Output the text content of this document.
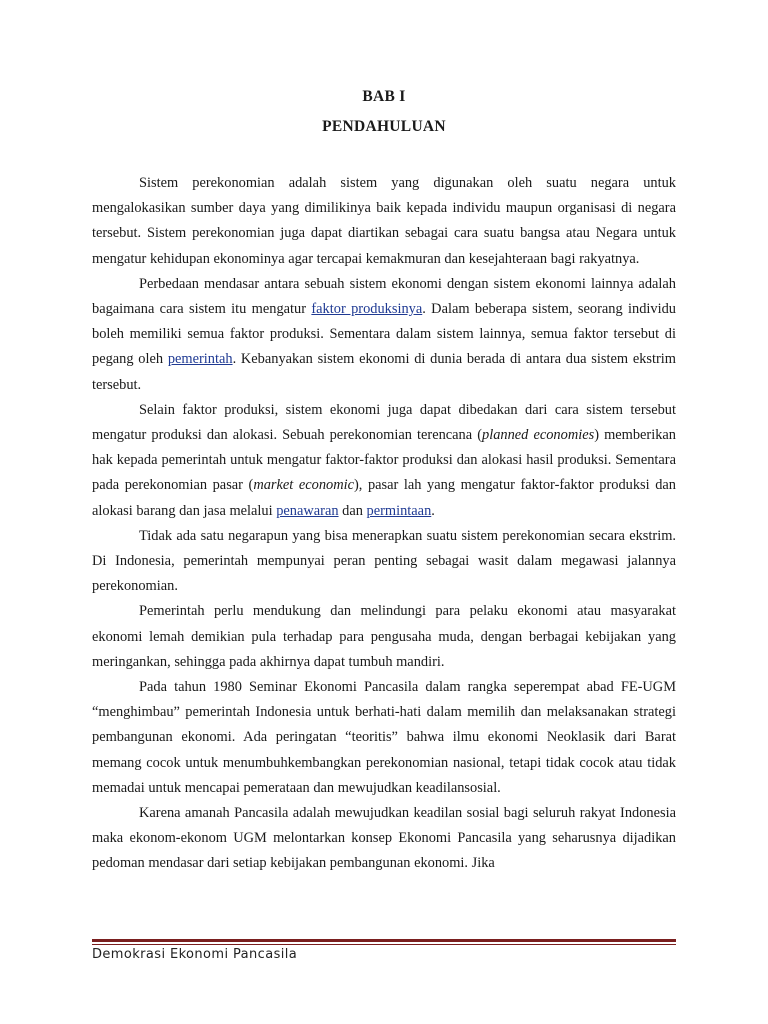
BAB I
PENDAHULUAN

Sistem perekonomian adalah sistem yang digunakan oleh suatu negara untuk mengalokasikan sumber daya yang dimilikinya baik kepada individu maupun organisasi di negara tersebut. Sistem perekonomian juga dapat diartikan sebagai cara suatu bangsa atau Negara untuk mengatur kehidupan ekonominya agar tercapai kemakmuran dan kesejahteraan bagi rakyatnya.

Perbedaan mendasar antara sebuah sistem ekonomi dengan sistem ekonomi lainnya adalah bagaimana cara sistem itu mengatur faktor produksinya. Dalam beberapa sistem, seorang individu boleh memiliki semua faktor produksi. Sementara dalam sistem lainnya, semua faktor tersebut di pegang oleh pemerintah. Kebanyakan sistem ekonomi di dunia berada di antara dua sistem ekstrim tersebut.

Selain faktor produksi, sistem ekonomi juga dapat dibedakan dari cara sistem tersebut mengatur produksi dan alokasi. Sebuah perekonomian terencana (planned economies) memberikan hak kepada pemerintah untuk mengatur faktor-faktor produksi dan alokasi hasil produksi. Sementara pada perekonomian pasar (market economic), pasar lah yang mengatur faktor-faktor produksi dan alokasi barang dan jasa melalui penawaran dan permintaan.

Tidak ada satu negarapun yang bisa menerapkan suatu sistem perekonomian secara ekstrim. Di Indonesia, pemerintah mempunyai peran penting sebagai wasit dalam megawasi jalannya perekonomian.

Pemerintah perlu mendukung dan melindungi para pelaku ekonomi atau masyarakat ekonomi lemah demikian pula terhadap para pengusaha muda, dengan berbagai kebijakan yang meringankan, sehingga pada akhirnya dapat tumbuh mandiri.

Pada tahun 1980 Seminar Ekonomi Pancasila dalam rangka seperempat abad FE-UGM “menghimbau” pemerintah Indonesia untuk berhati-hati dalam memilih dan melaksanakan strategi pembangunan ekonomi. Ada peringatan “teoritis” bahwa ilmu ekonomi Neoklasik dari Barat memang cocok untuk menumbuhkembangkan perekonomian nasional, tetapi tidak cocok atau tidak memadai untuk mencapai pemerataan dan mewujudkan keadilansosial.

Karena amanah Pancasila adalah mewujudkan keadilan sosial bagi seluruh rakyat Indonesia maka ekonom-ekonom UGM melontarkan konsep Ekonomi Pancasila yang seharusnya dijadikan pedoman mendasar dari setiap kebijakan pembangunan ekonomi. Jika

Demokrasi Ekonomi Pancasila
